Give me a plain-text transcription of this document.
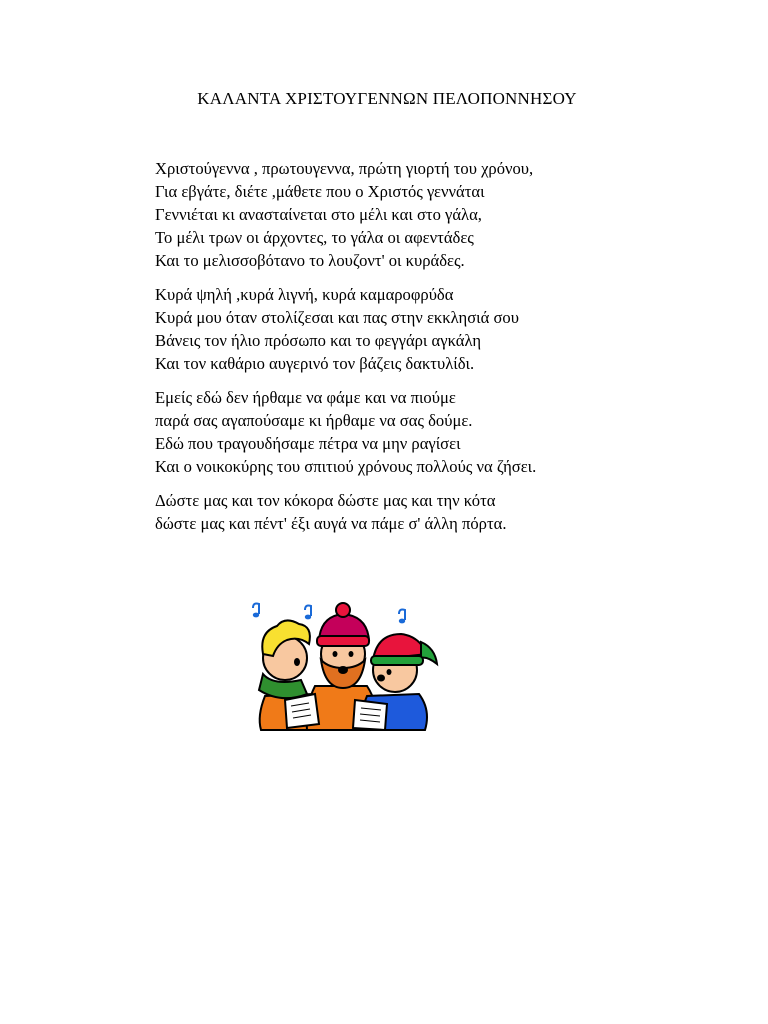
ΚΑΛΑΝΤΑ ΧΡΙΣΤΟΥΓΕΝΝΩΝ ΠΕΛΟΠΟΝΝΗΣΟΥ
Χριστούγεννα , πρωτουγεννα, πρώτη γιορτή του χρόνου,
Για εβγάτε, διέτε ,μάθετε που ο Χριστός γεννάται
Γεννιέται κι ανασταίνεται στο μέλι και στο γάλα,
Το μέλι τρων οι άρχοντες, το γάλα οι αφεντάδες
Και το μελισσοβότανο το λουζοντ' οι κυράδες.
Κυρά ψηλή ,κυρά λιγνή, κυρά καμαροφρύδα
Κυρά μου όταν στολίζεσαι και πας στην εκκλησιά σου
Βάνεις τον ήλιο πρόσωπο και το φεγγάρι αγκάλη
Και τον καθάριο αυγερινό τον βάζεις δακτυλίδι.
Εμείς εδώ δεν ήρθαμε να φάμε και να πιούμε
παρά σας αγαπούσαμε κι ήρθαμε να σας δούμε.
Εδώ που τραγουδήσαμε πέτρα να μην ραγίσει
Και ο νοικοκύρης του σπιτιού χρόνους πολλούς να ζήσει.
Δώστε μας και τον κόκορα δώστε μας και την κότα
δώστε μας και πέντ' έξι αυγά να πάμε σ' άλλη πόρτα.
